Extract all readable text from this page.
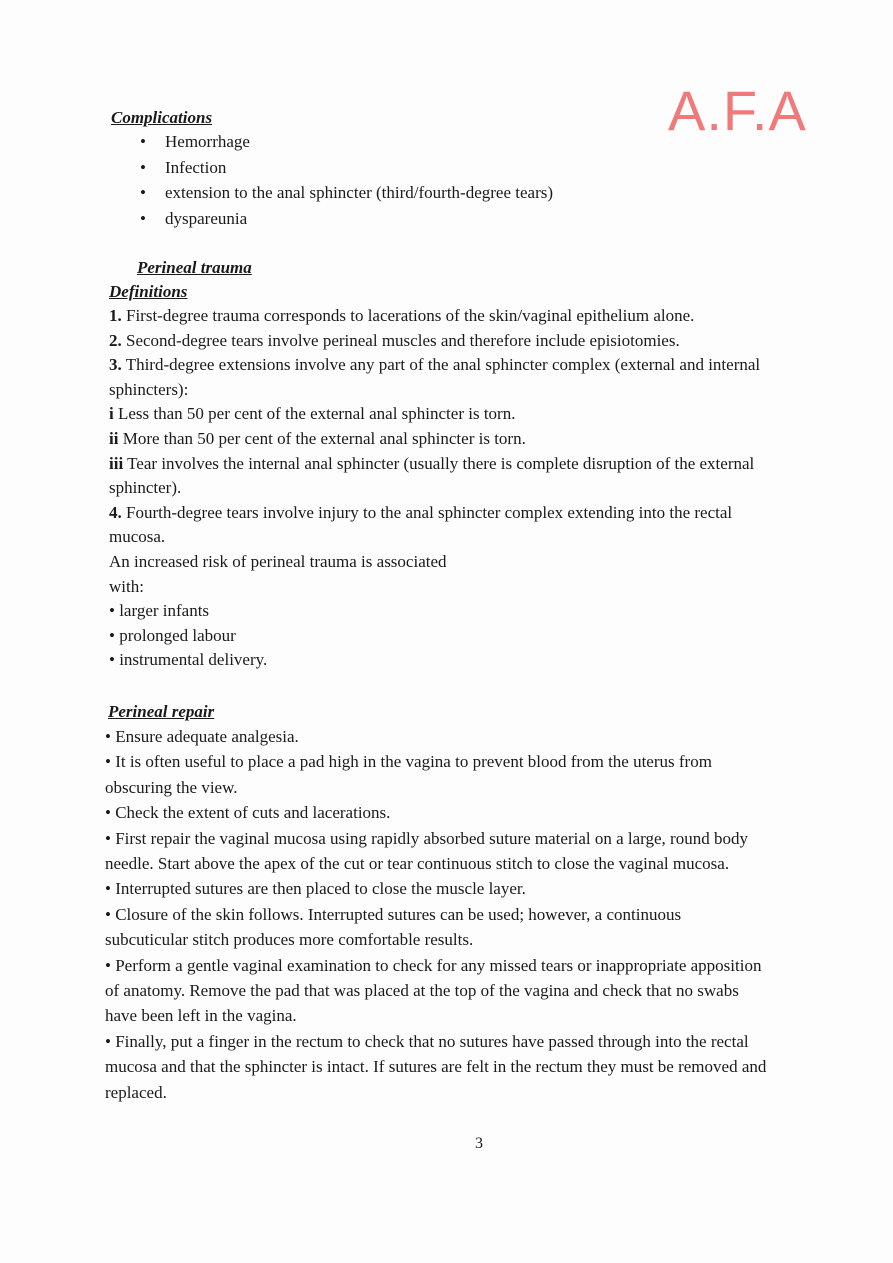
A.F.A
Complications
• Hemorrhage
• Infection
• extension to the anal sphincter (third/fourth-degree tears)
• dyspareunia
Perineal trauma
Definitions

1. First-degree trauma corresponds to lacerations of the skin/vaginal epithelium alone.

2. Second-degree tears involve perineal muscles and therefore include episiotomies.

3. Third-degree extensions involve any part of the anal sphincter complex (external and internal

sphincters):

i Less than 50 per cent of the external anal sphincter is torn.

ii More than 50 per cent of the external anal sphincter is torn.

iii Tear involves the internal anal sphincter (usually there is complete disruption of the external

sphincter).

4. Fourth-degree tears involve injury to the anal sphincter complex extending into the rectal

mucosa.

An increased risk of perineal trauma is associated

with:

• larger infants

• prolonged labour

• instrumental delivery.

Perineal repair

• Ensure adequate analgesia.

• It is often useful to place a pad high in the vagina to prevent blood from the uterus from

obscuring the view.

• Check the extent of cuts and lacerations.

• First repair the vaginal mucosa using rapidly absorbed suture material on a large, round body

needle. Start above the apex of the cut or tear continuous stitch to close the vaginal mucosa.

• Interrupted sutures are then placed to close the muscle layer.

• Closure of the skin follows. Interrupted sutures can be used; however, a continuous

subcuticular stitch produces more comfortable results.

• Perform a gentle vaginal examination to check for any missed tears or inappropriate apposition

of anatomy. Remove the pad that was placed at the top of the vagina and check that no swabs

have been left in the vagina.

• Finally, put a finger in the rectum to check that no sutures have passed through into the rectal

mucosa and that the sphincter is intact. If sutures are felt in the rectum they must be removed and

replaced.

3
